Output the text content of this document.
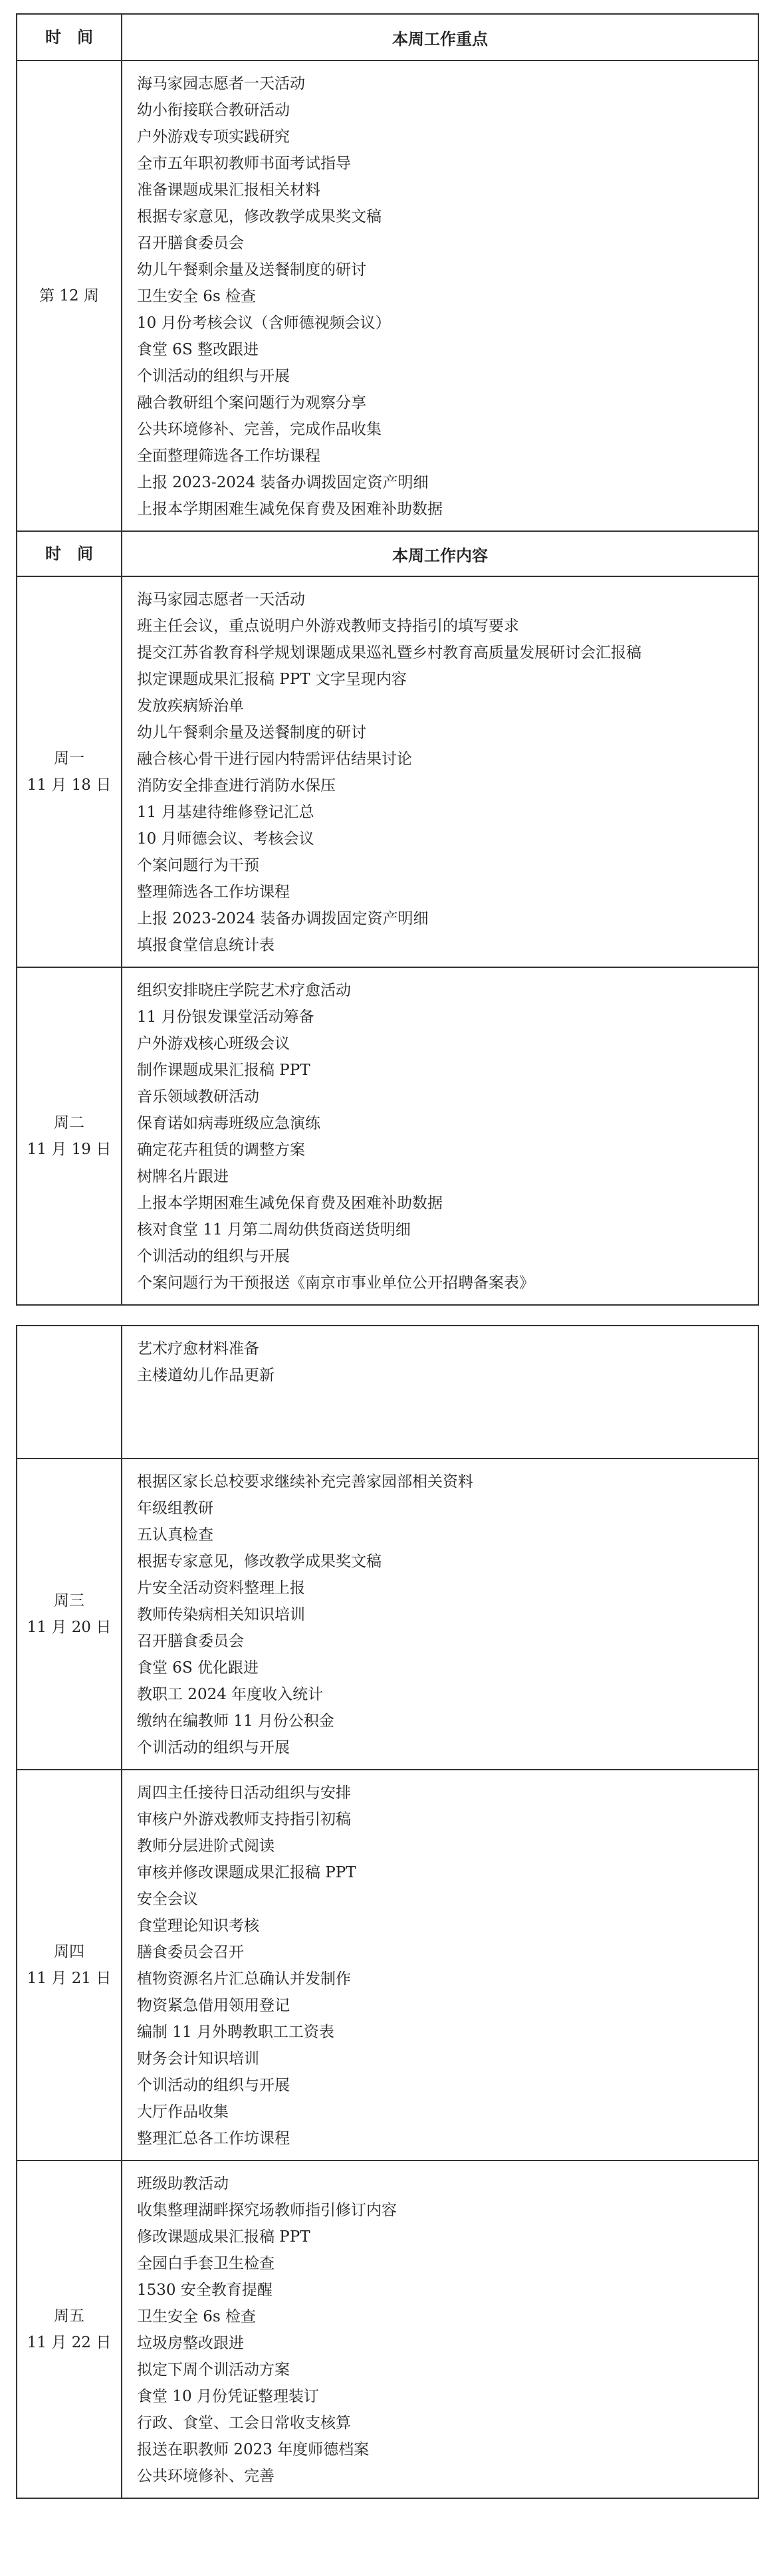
时　间	本周工作重点
第 12 周
海马家园志愿者一天活动
幼小衔接联合教研活动
户外游戏专项实践研究
全市五年职初教师书面考试指导
准备课题成果汇报相关材料
根据专家意见，修改教学成果奖文稿
召开膳食委员会
幼儿午餐剩余量及送餐制度的研讨
卫生安全 6s 检查
10 月份考核会议（含师德视频会议）
食堂 6S 整改跟进
个训活动的组织与开展
融合教研组个案问题行为观察分享
公共环境修补、完善，完成作品收集
全面整理筛选各工作坊课程
上报 2023-2024 装备办调拨固定资产明细
上报本学期困难生减免保育费及困难补助数据
时　间	本周工作内容
周一
11 月 18 日
海马家园志愿者一天活动
班主任会议，重点说明户外游戏教师支持指引的填写要求
提交江苏省教育科学规划课题成果巡礼暨乡村教育高质量发展研讨会汇报稿
拟定课题成果汇报稿 PPT 文字呈现内容
发放疾病矫治单
幼儿午餐剩余量及送餐制度的研讨
融合核心骨干进行园内特需评估结果讨论
消防安全排查进行消防水保压
11 月基建待维修登记汇总
10 月师德会议、考核会议
个案问题行为干预
整理筛选各工作坊课程
上报 2023-2024 装备办调拨固定资产明细
填报食堂信息统计表
周二
11 月 19 日
组织安排晓庄学院艺术疗愈活动
11 月份银发课堂活动筹备
户外游戏核心班级会议
制作课题成果汇报稿 PPT
音乐领域教研活动
保育诺如病毒班级应急演练
确定花卉租赁的调整方案
树牌名片跟进
上报本学期困难生减免保育费及困难补助数据
核对食堂 11 月第二周幼供货商送货明细
个训活动的组织与开展
个案问题行为干预报送《南京市事业单位公开招聘备案表》
艺术疗愈材料准备
主楼道幼儿作品更新
周三
11 月 20 日
根据区家长总校要求继续补充完善家园部相关资料
年级组教研
五认真检查
根据专家意见，修改教学成果奖文稿
片安全活动资料整理上报
教师传染病相关知识培训
召开膳食委员会
食堂 6S 优化跟进
教职工 2024 年度收入统计
缴纳在编教师 11 月份公积金
个训活动的组织与开展
周四
11 月 21 日
周四主任接待日活动组织与安排
审核户外游戏教师支持指引初稿
教师分层进阶式阅读
审核并修改课题成果汇报稿 PPT
安全会议
食堂理论知识考核
膳食委员会召开
植物资源名片汇总确认并发制作
物资紧急借用领用登记
编制 11 月外聘教职工工资表
财务会计知识培训
个训活动的组织与开展
大厅作品收集
整理汇总各工作坊课程
周五
11 月 22 日
班级助教活动
收集整理湖畔探究场教师指引修订内容
修改课题成果汇报稿 PPT
全园白手套卫生检查
1530 安全教育提醒
卫生安全 6s 检查
垃圾房整改跟进
拟定下周个训活动方案
食堂 10 月份凭证整理装订
行政、食堂、工会日常收支核算
报送在职教师 2023 年度师德档案
公共环境修补、完善
